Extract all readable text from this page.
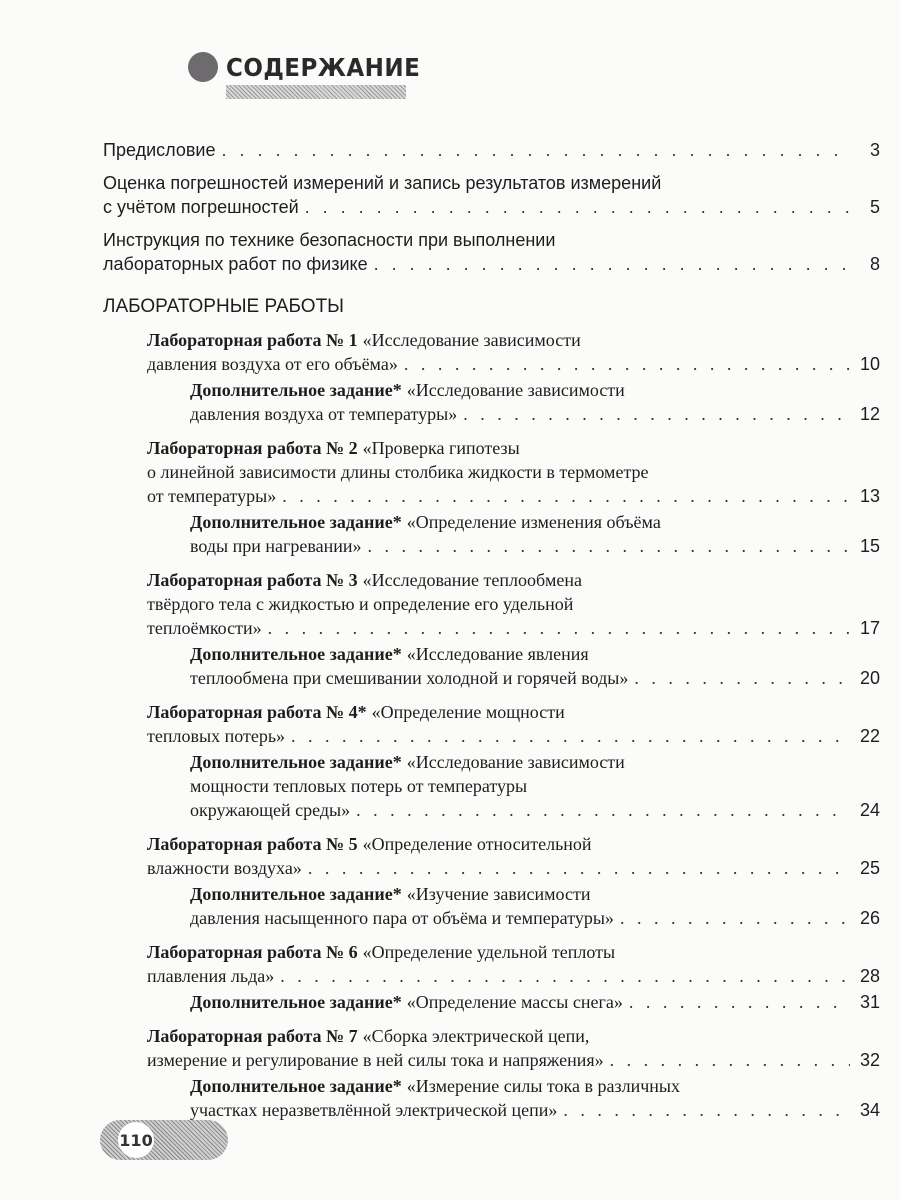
СОДЕРЖАНИЕ
Предисловие . . .	3
Оценка погрешностей измерений и запись результатов измерений
с учётом погрешностей . . .	5
Инструкция по технике безопасности при выполнении
лабораторных работ по физике . . .	8
ЛАБОРАТОРНЫЕ РАБОТЫ
Лабораторная работа № 1 «Исследование зависимости
давления воздуха от его объёма» . . .	10
Дополнительное задание* «Исследование зависимости
давления воздуха от температуры» . . .	12
Лабораторная работа № 2 «Проверка гипотезы
о линейной зависимости длины столбика жидкости в термометре
от температуры» . . .	13
Дополнительное задание* «Определение изменения объёма
воды при нагревании» . . .	15
Лабораторная работа № 3 «Исследование теплообмена
твёрдого тела с жидкостью и определение его удельной
теплоёмкости» . . .	17
Дополнительное задание* «Исследование явления
теплообмена при смешивании холодной и горячей воды» . . .	20
Лабораторная работа № 4* «Определение мощности
тепловых потерь» . . .	22
Дополнительное задание* «Исследование зависимости
мощности тепловых потерь от температуры
окружающей среды» . . .	24
Лабораторная работа № 5 «Определение относительной
влажности воздуха» . . .	25
Дополнительное задание* «Изучение зависимости
давления насыщенного пара от объёма и температуры» . . .	26
Лабораторная работа № 6 «Определение удельной теплоты
плавления льда» . . .	28
Дополнительное задание* «Определение массы снега» . . .	31
Лабораторная работа № 7 «Сборка электрической цепи,
измерение и регулирование в ней силы тока и напряжения» . . .	32
Дополнительное задание* «Измерение силы тока в различных
участках неразветвлённой электрической цепи» . . .	34
110
